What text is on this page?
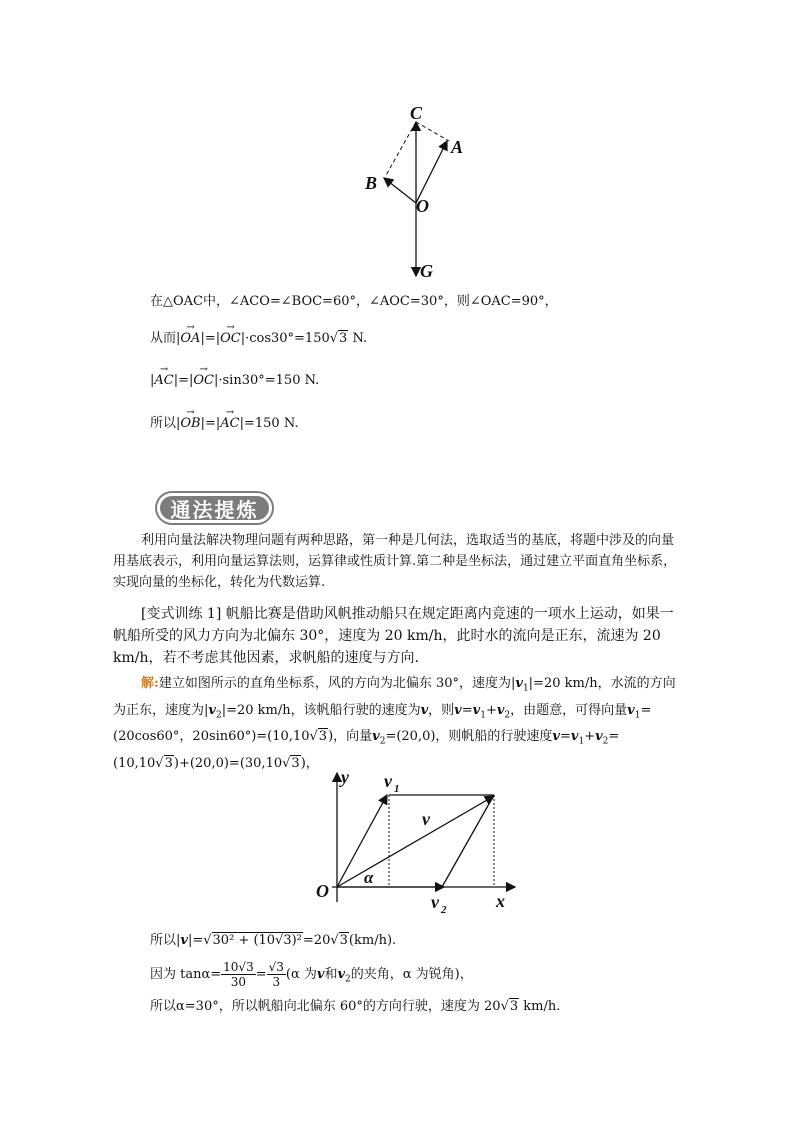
C
A
B
O
G
在△OAC中，∠ACO=∠BOC=60°，∠AOC=30°，则∠OAC=90°，
从而|→ OA|=|→ OC|·cos30°=150√3 N.
|→ AC|=|→ OC|·sin30°=150 N.
所以|→ OB|=|→ AC|=150 N.
通法提炼
利用向量法解决物理问题有两种思路，第一种是几何法，选取适当的基底，将题中涉及的向量用基底表示，利用向量运算法则，运算律或性质计算.第二种是坐标法，通过建立平面直角坐标系，实现向量的坐标化，转化为代数运算.
[变式训练 1] 帆船比赛是借助风帆推动船只在规定距离内竞速的一项水上运动，如果一帆船所受的风力方向为北偏东 30°，速度为 20 km/h，此时水的流向是正东，流速为 20 km/h，若不考虑其他因素，求帆船的速度与方向.
解:建立如图所示的直角坐标系，风的方向为北偏东 30°，速度为$|v_1|=20$ km/h，水流的方向为正东，速度为$|v_2|=20$ km/h，该帆船行驶的速度为v，则$v=v_1+v_2$，由题意，可得向量$v_1=(20\cos 60^\circ$，20sin60°)=(10,10√3)，向量$v_2=(20,0)$，则帆船的行驶速度$v=v_1+v_2=(10,10√3)+(20,0)=(30,10√3)$，
y v 1
v
α
O
v 2	x
所以|v|=√30² + (10√3)²=20√3(km/h).
因为 $\tan\alpha= \frac{10√3}{30} = \frac{√3}{3} (\alpha$ 为v和$v_2$的夹角，α 为锐角)，
所以α=30°，所以帆船向北偏东 60°的方向行驶，速度为 20√3 km/h.
